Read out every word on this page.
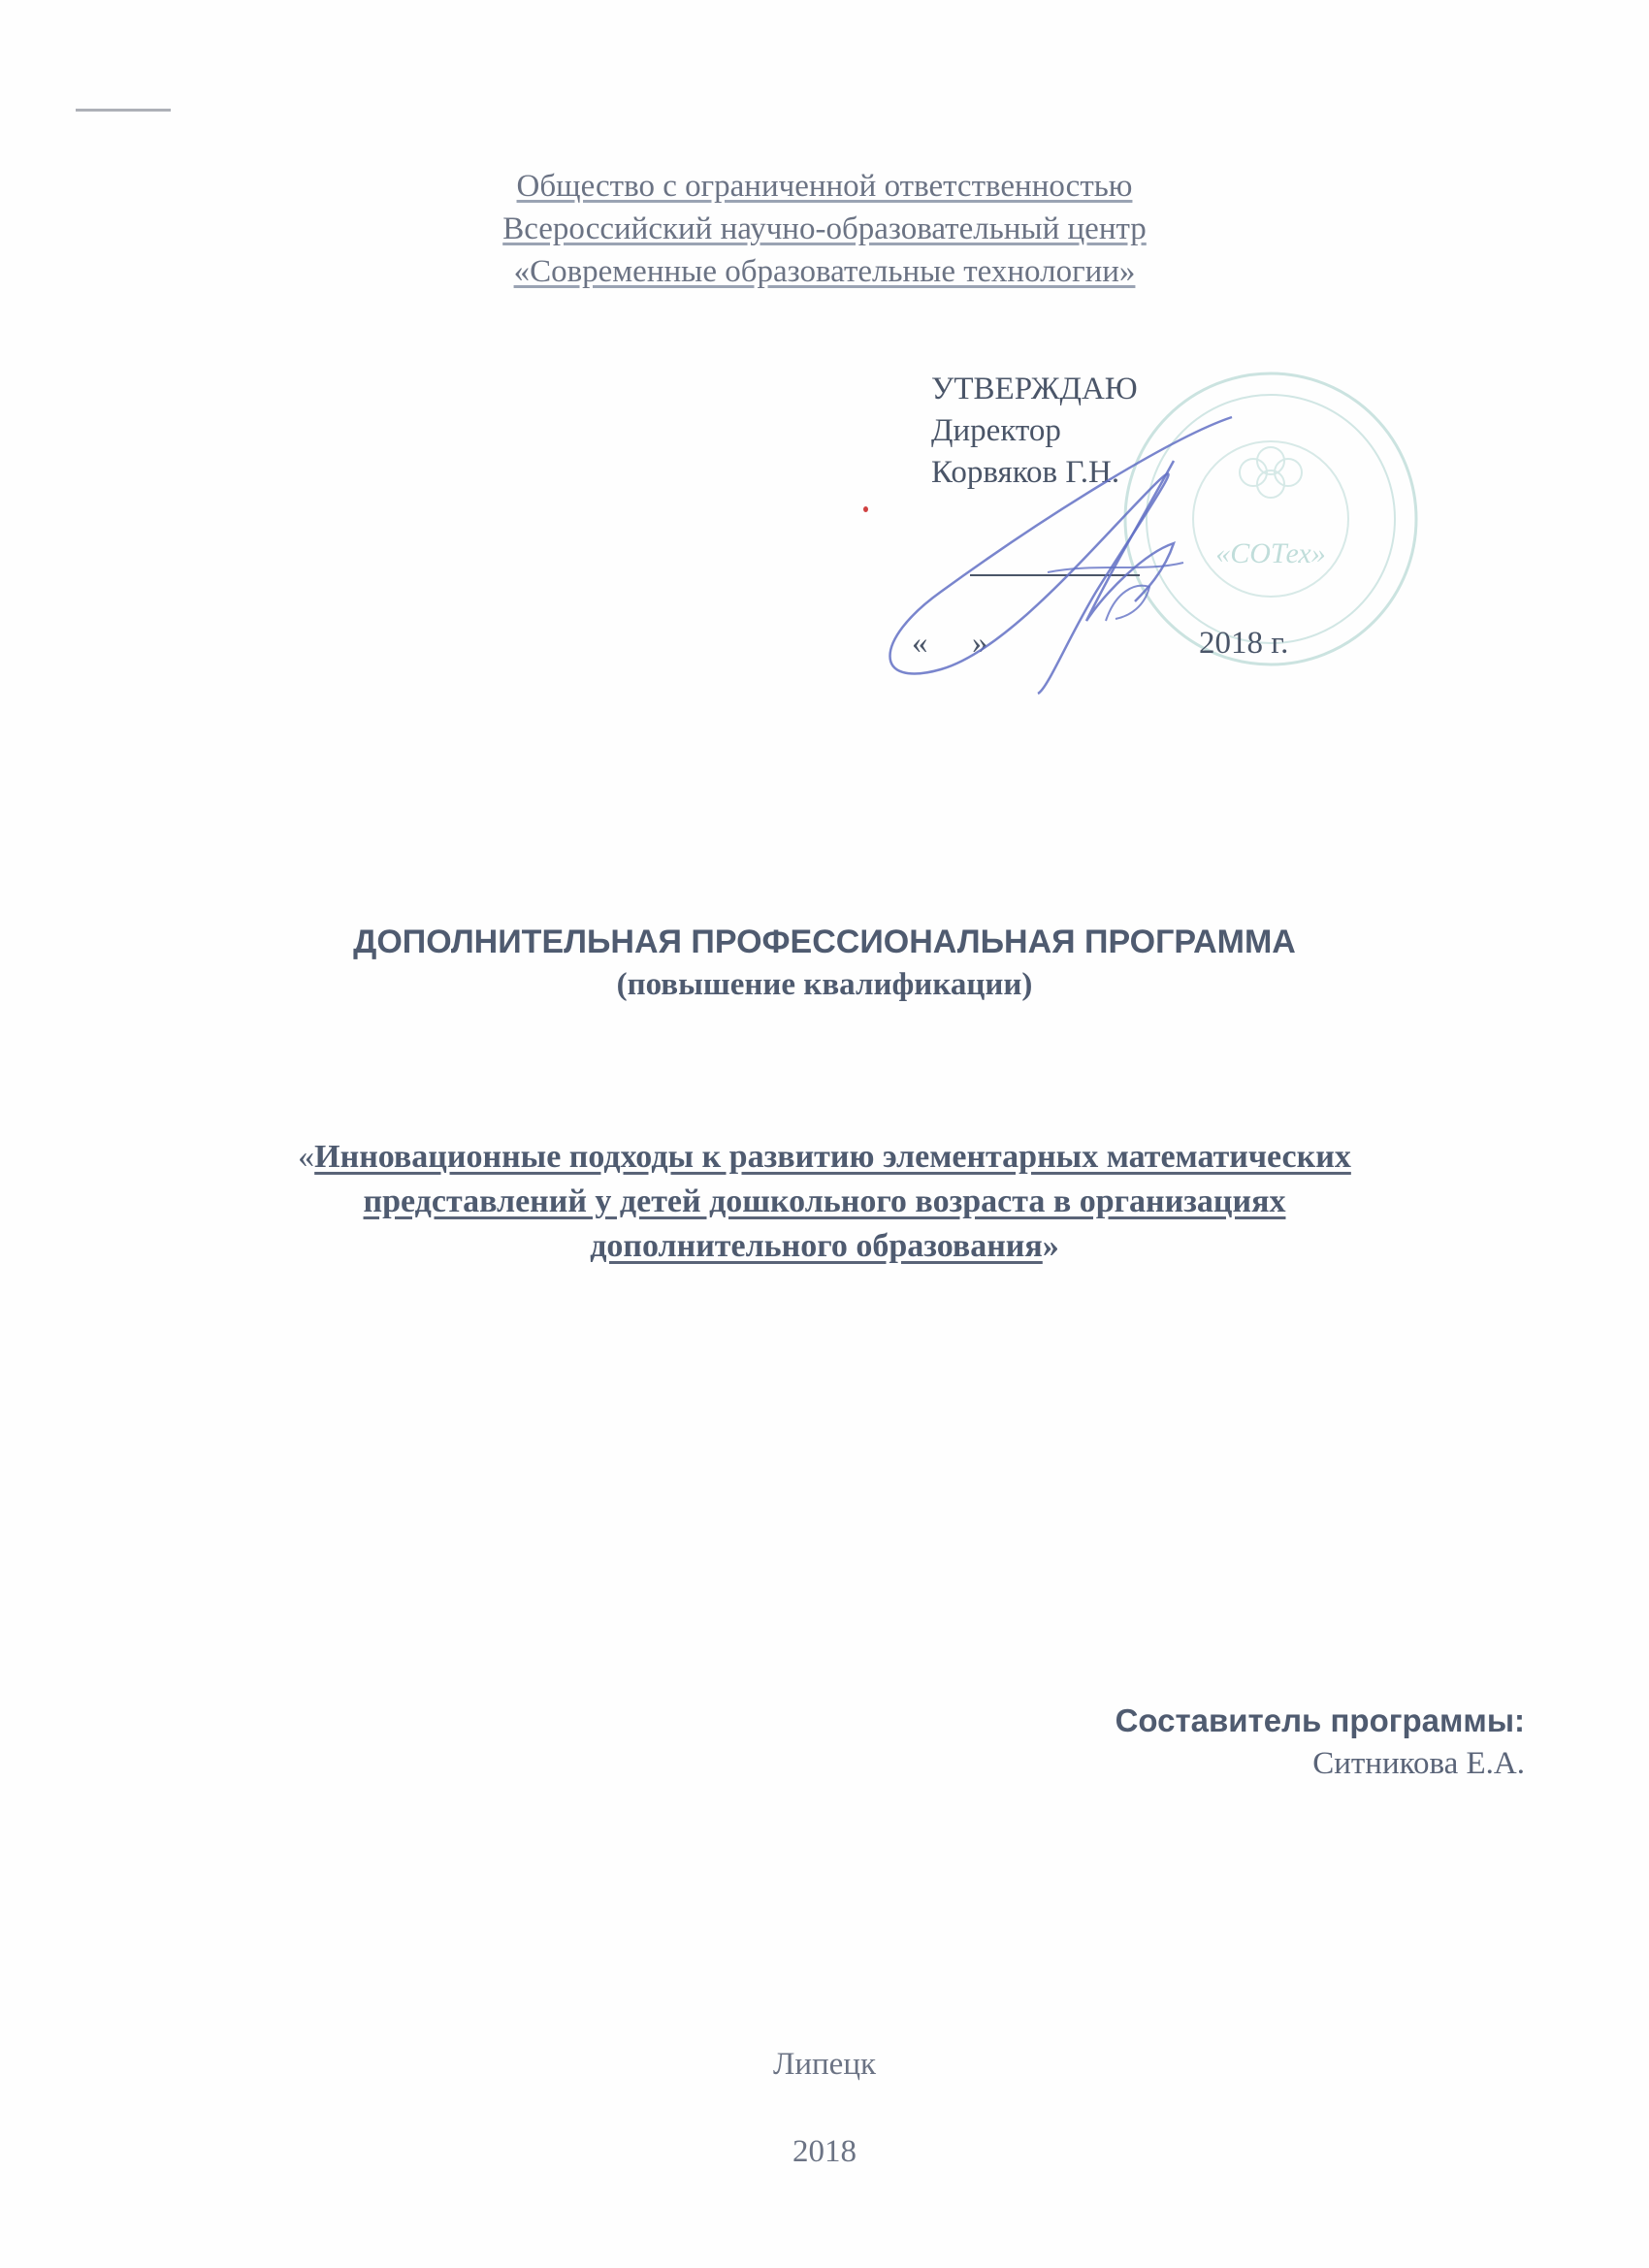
Общество с ограниченной ответственностью
Всероссийский научно-образовательный центр
«Современные образовательные технологии»
«СОТех»
УТВЕРЖДАЮ
Директор
Корвяков Г.Н.
« »	2018 г.
ДОПОЛНИТЕЛЬНАЯ ПРОФЕССИОНАЛЬНАЯ ПРОГРАММА
(повышение квалификации)
«Инновационные подходы к развитию элементарных математических
представлений у детей дошкольного возраста в организациях
дополнительного образования»
Составитель программы:
Ситникова Е.А.
Липецк
2018
